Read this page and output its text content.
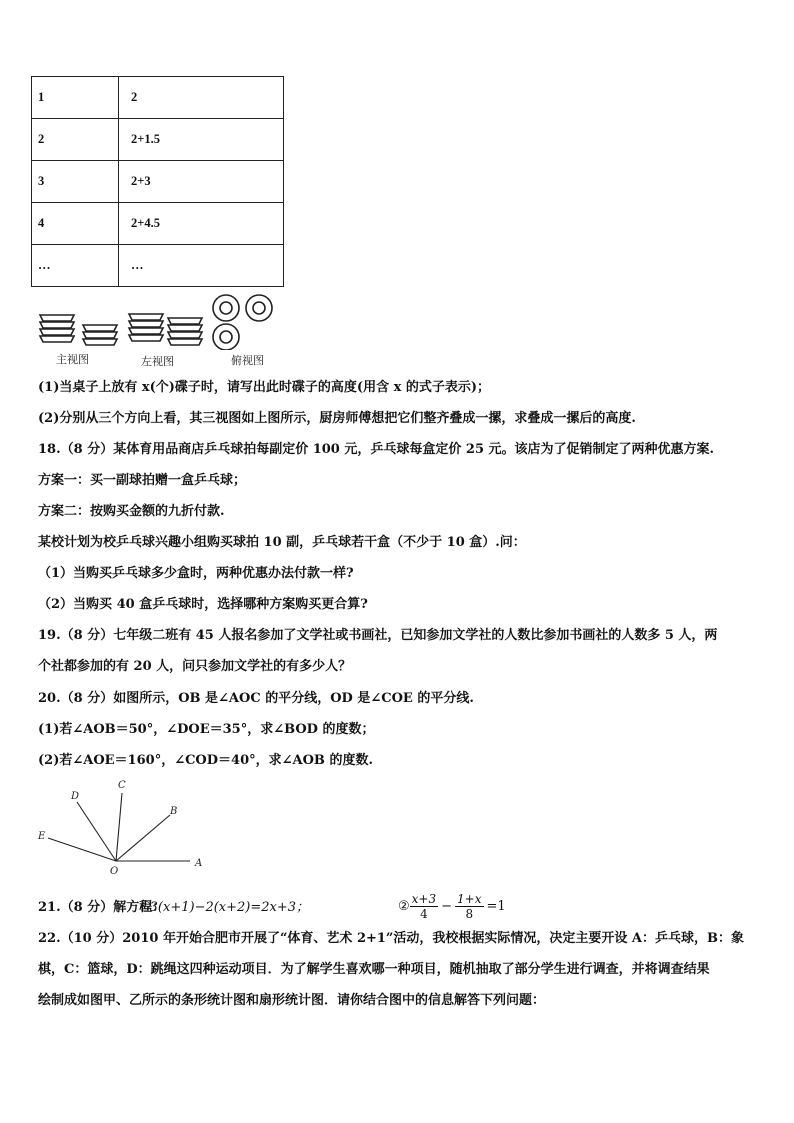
1	2
2	2+1.5
3	2+3
4	2+4.5
…	…
主视图	左视图	俯视图
(1)当桌子上放有 x(个)碟子时，请写出此时碟子的高度(用含 x 的式子表示)；
(2)分别从三个方向上看，其三视图如上图所示，厨房师傅想把它们整齐叠成一摞，求叠成一摞后的高度.
18.（8 分）某体育用品商店乒乓球拍每副定价 100 元，乒乓球每盒定价 25 元。该店为了促销制定了两种优惠方案.
方案一：买一副球拍赠一盒乒乓球；
方案二：按购买金额的九折付款.
某校计划为校乒乓球兴趣小组购买球拍 10 副，乒乓球若干盒（不少于 10 盒）.问：
（1）当购买乒乓球多少盒时，两种优惠办法付款一样?
（2）当购买 40 盒乒乓球时，选择哪种方案购买更合算?
19.（8 分）七年级二班有 45 人报名参加了文学社或书画社，已知参加文学社的人数比参加书画社的人数多 5 人，两
个社都参加的有 20 人，问只参加文学社的有多少人？
20.（8 分）如图所示，OB 是∠AOC 的平分线，OD 是∠COE 的平分线.
(1)若∠AOB＝50°，∠DOE＝35°，求∠BOD 的度数；
(2)若∠AOE＝160°，∠COD＝40°，求∠AOB 的度数.
A
B
C
D
E
O
21.（8 分）解方程：
①3(x+1)−2(x+2)=2x+3；	② $\frac{x+3}{4} - \frac{1+x}{8} =1$
22.（10 分）2010 年开始合肥市开展了“体育、艺术 2+1”活动，我校根据实际情况，决定主要开设 A：乒乓球，B：象
棋，C：篮球，D：跳绳这四种运动项目．为了解学生喜欢哪一种项目，随机抽取了部分学生进行调查，并将调查结果
绘制成如图甲、乙所示的条形统计图和扇形统计图．请你结合图中的信息解答下列问题：
